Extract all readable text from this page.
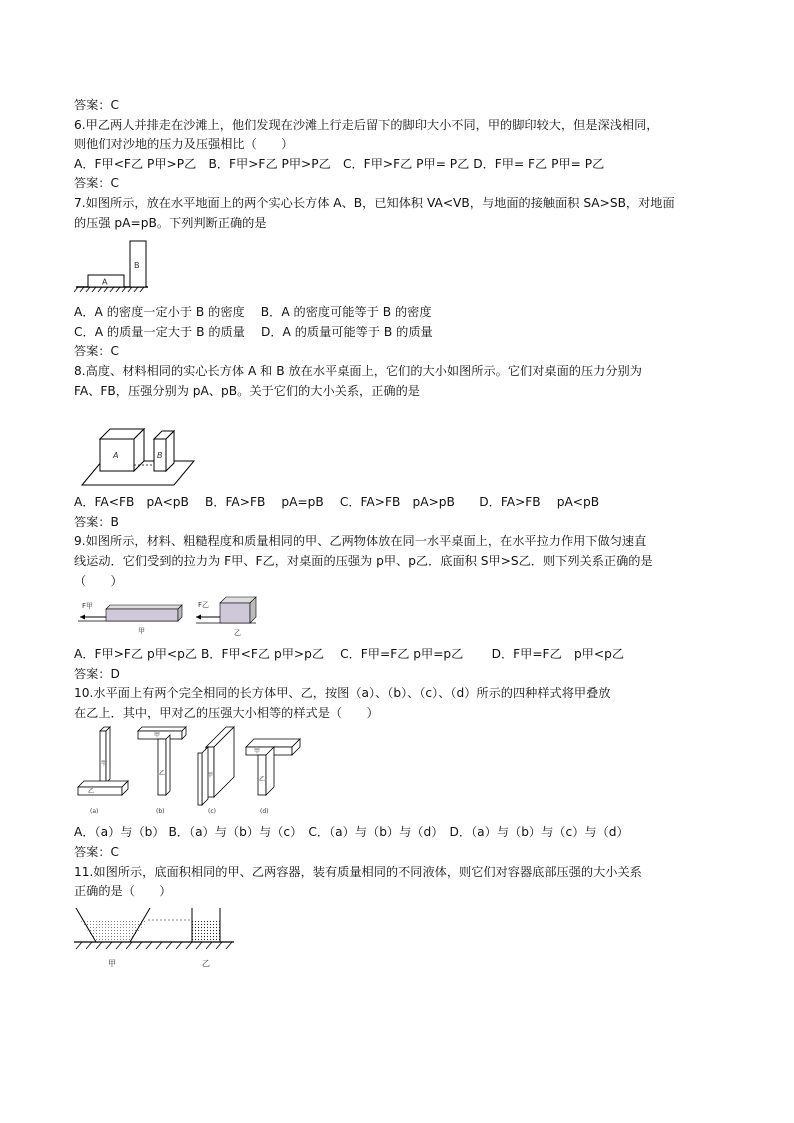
答案：C
6.甲乙两人并排走在沙滩上，他们发现在沙滩上行走后留下的脚印大小不同，甲的脚印较大，但是深浅相同，
则他们对沙地的压力及压强相比（　　）
A．F甲<F乙 P甲>P乙　B．F甲>F乙 P甲>P乙　C．F甲>F乙 P甲= P乙 D．F甲= F乙 P甲= P乙
答案：C
7.如图所示，放在水平地面上的两个实心长方体 A、B，已知体积 VA<VB，与地面的接触面积 SA>SB，对地面
的压强 pA=pB。下列判断正确的是
A
B
A．A 的密度一定小于 B 的密度　 B．A 的密度可能等于 B 的密度
C．A 的质量一定大于 B 的质量　 D．A 的质量可能等于 B 的质量
答案：C
8.高度、材料相同的实心长方体 A 和 B 放在水平桌面上，它们的大小如图所示。它们对桌面的压力分别为
FA、FB，压强分别为 pA、pB。关于它们的大小关系，正确的是
A	B
A．FA<FB　pA<pB　 B．FA>FB　 pA=pB　 C．FA>FB　pA>pB　　D．FA>FB　 pA<pB
答案：B
9.如图所示，材料、粗糙程度和质量相同的甲、乙两物体放在同一水平桌面上，在水平拉力作用下做匀速直
线运动．它们受到的拉力为 F甲、F乙，对桌面的压强为 p甲、p乙．底面积 S甲>S乙．则下列关系正确的是
（　　）
F甲
甲
F乙
乙
A．F甲>F乙 p甲<p乙 B．F甲<F乙 p甲>p乙　 C．F甲=F乙 p甲=p乙　　 D．F甲=F乙　p甲<p乙
答案：D
10.水平面上有两个完全相同的长方体甲、乙，按图（a）、（b）、（c）、（d）所示的四种样式将甲叠放
在乙上．其中，甲对乙的压强大小相等的样式是（　　）
甲
乙
(a)
甲
乙
(b)
甲
(c)
甲
乙
(d)
A．（a）与（b） B．（a）与（b）与（c）　C．（a）与（b）与（d）　D．（a）与（b）与（c）与（d）
答案：C
11.如图所示，底面积相同的甲、乙两容器，装有质量相同的不同液体，则它们对容器底部压强的大小关系
正确的是（　　）
甲	乙
